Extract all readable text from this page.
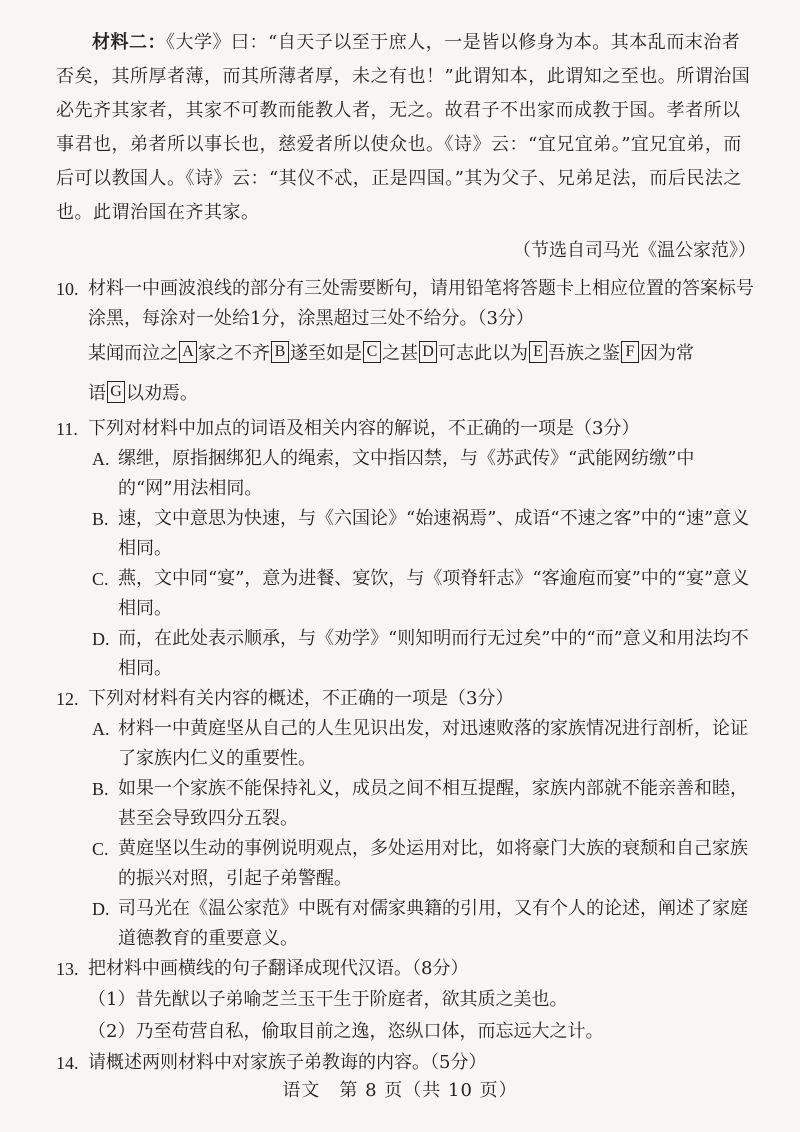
材料二：《大学》曰：“自天子以至于庶人，一是皆以修身为本。其本乱而末治者否矣，其所厚者薄，而其所薄者厚，未之有也！”此谓知本，此谓知之至也。所谓治国必先齐其家者，其家不可教而能教人者，无之。故君子不出家而成教于国。孝者所以事君也，弟者所以事长也，慈爱者所以使众也。《诗》云：“宜兄宜弟。”宜兄宜弟，而后可以教国人。《诗》云：“其仪不忒，正是四国。”其为父子、兄弟足法，而后民法之也。此谓治国在齐其家。

（节选自司马光《温公家范》）
10. 材料一中画波浪线的部分有三处需要断句，请用铅笔将答题卡上相应位置的答案标号涂黑，每涂对一处给1分，涂黑超过三处不给分。（3分）
某闻而泣之 A 家之不齐 B 遂至如是 C 之甚 D 可志此以为 E 吾族之鉴 F 因为常
语 G 以劝焉。
11. 下列对材料中加点的词语及相关内容的解说，不正确的一项是（3分）
A. 缧绁，原指捆绑犯人的绳索，文中指囚禁，与《苏武传》“武能网纺缴”中的“网”用法相同。
B. 速，文中意思为快速，与《六国论》“始速祸焉”、成语“不速之客”中的“速”意义相同。
C. 燕，文中同“宴”，意为进餐、宴饮，与《项脊轩志》“客逾庖而宴”中的“宴”意义相同。
D. 而，在此处表示顺承，与《劝学》“则知明而行无过矣”中的“而”意义和用法均不相同。
12. 下列对材料有关内容的概述，不正确的一项是（3分）
A. 材料一中黄庭坚从自己的人生见识出发，对迅速败落的家族情况进行剖析，论证了家族内仁义的重要性。
B. 如果一个家族不能保持礼义，成员之间不相互提醒，家族内部就不能亲善和睦，甚至会导致四分五裂。
C. 黄庭坚以生动的事例说明观点，多处运用对比，如将豪门大族的衰颓和自己家族的振兴对照，引起子弟警醒。
D. 司马光在《温公家范》中既有对儒家典籍的引用，又有个人的论述，阐述了家庭道德教育的重要意义。
13. 把材料中画横线的句子翻译成现代汉语。（8分）
（1）昔先猷以子弟喻芝兰玉干生于阶庭者，欲其质之美也。
（2）乃至苟营自私，偷取目前之逸，恣纵口体，而忘远大之计。
14. 请概述两则材料中对家族子弟教诲的内容。（5分）
语文　第 8 页（共 10 页）
